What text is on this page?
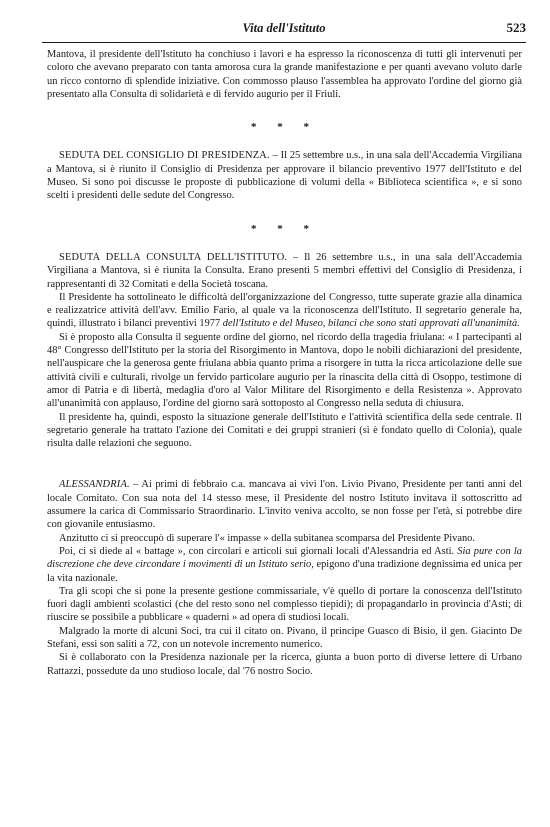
Vita dell'Istituto	523

Mantova, il presidente dell'Istituto ha conchiuso i lavori e ha espresso la riconoscenza di tutti gli intervenuti per coloro che avevano preparato con tanta amorosa cura la grande manifestazione e per quanti avevano voluto darle un ricco contorno di splendide iniziative. Con commosso plauso l'assemblea ha approvato l'ordine del giorno già presentato alla Consulta di solidarietà e di fervido augurio per il Friuli.

* * *

SEDUTA DEL CONSIGLIO DI PRESIDENZA. – Il 25 settembre u.s., in una sala dell'Accademia Virgiliana a Mantova, si è riunito il Consiglio di Presidenza per approvare il bilancio preventivo 1977 dell'Istituto e del Museo. Si sono poi discusse le proposte di pubblicazione di volumi della « Biblioteca scientifica », e si sono scelti i presidenti delle sedute del Congresso.

* * *

SEDUTA DELLA CONSULTA DELL'ISTITUTO. – Il 26 settembre u.s., in una sala dell'Accademia Virgiliana a Mantova, si è riunita la Consulta. Erano presenti 5 membri effettivi del Consiglio di Presidenza, i rappresentanti di 32 Comitati e della Società toscana.

Il Presidente ha sottolineato le difficoltà dell'organizzazione del Congresso, tutte superate grazie alla dinamica e realizzatrice attività dell'avv. Emilio Fario, al quale va la riconoscenza dell'Istituto. Il segretario generale ha, quindi, illustrato i bilanci preventivi 1977 dell'Istituto e del Museo, bilanci che sono stati approvati all'unanimità.

Si è proposto alla Consulta il seguente ordine del giorno, nel ricordo della tragedia friulana: « I partecipanti al 48° Congresso dell'Istituto per la storia del Risorgimento in Mantova, dopo le nobili dichiarazioni del presidente, nell'auspicare che la generosa gente friulana abbia quanto prima a risorgere in tutta la ricca articolazione delle sue attività civili e culturali, rivolge un fervido particolare augurio per la rinascita della città di Osoppo, testimone di amor di Patria e di libertà, medaglia d'oro al Valor Militare del Risorgimento e della Resistenza ». Approvato all'unanimità con applauso, l'ordine del giorno sarà sottoposto al Congresso nella seduta di chiusura.

Il presidente ha, quindi, esposto la situazione generale dell'Istituto e l'attività scientifica della sede centrale. Il segretario generale ha trattato l'azione dei Comitati e dei gruppi stranieri (si è fondato quello di Colonia), quale risulta dalle relazioni che seguono.

ALESSANDRIA. – Ai primi di febbraio c.a. mancava ai vivi l'on. Livio Pivano, Presidente per tanti anni del locale Comitato. Con sua nota del 14 stesso mese, il Presidente del nostro Istituto invitava il sottoscritto ad assumere la carica di Commissario Straordinario. L'invito veniva accolto, se non fosse per l'età, si potrebbe dire con giovanile entusiasmo.

Anzitutto ci si preoccupò di superare l'« impasse » della subitanea scomparsa del Presidente Pivano.

Poi, ci si diede al « battage », con circolari e articoli sui giornali locali d'Alessandria ed Asti. Sia pure con la discrezione che deve circondare i movimenti di un Istituto serio, epigono d'una tradizione degnissima ed unica per la vita nazionale.

Tra gli scopi che si pone la presente gestione commissariale, v'è quello di portare la conoscenza dell'Istituto fuori dagli ambienti scolastici (che del resto sono nel complesso tiepidi); di propagandarlo in provincia d'Asti; di riuscire se possibile a pubblicare « quaderni » ad opera di studiosi locali.

Malgrado la morte di alcuni Soci, tra cui il citato on. Pivano, il principe Guasco di Bisio, il gen. Giacinto De Stefani, essi son saliti a 72, con un notevole incremento numerico.

Si è collaborato con la Presidenza nazionale per la ricerca, giunta a buon porto di diverse lettere di Urbano Rattazzi, possedute da uno studioso locale, dal '76 nostro Socio.
